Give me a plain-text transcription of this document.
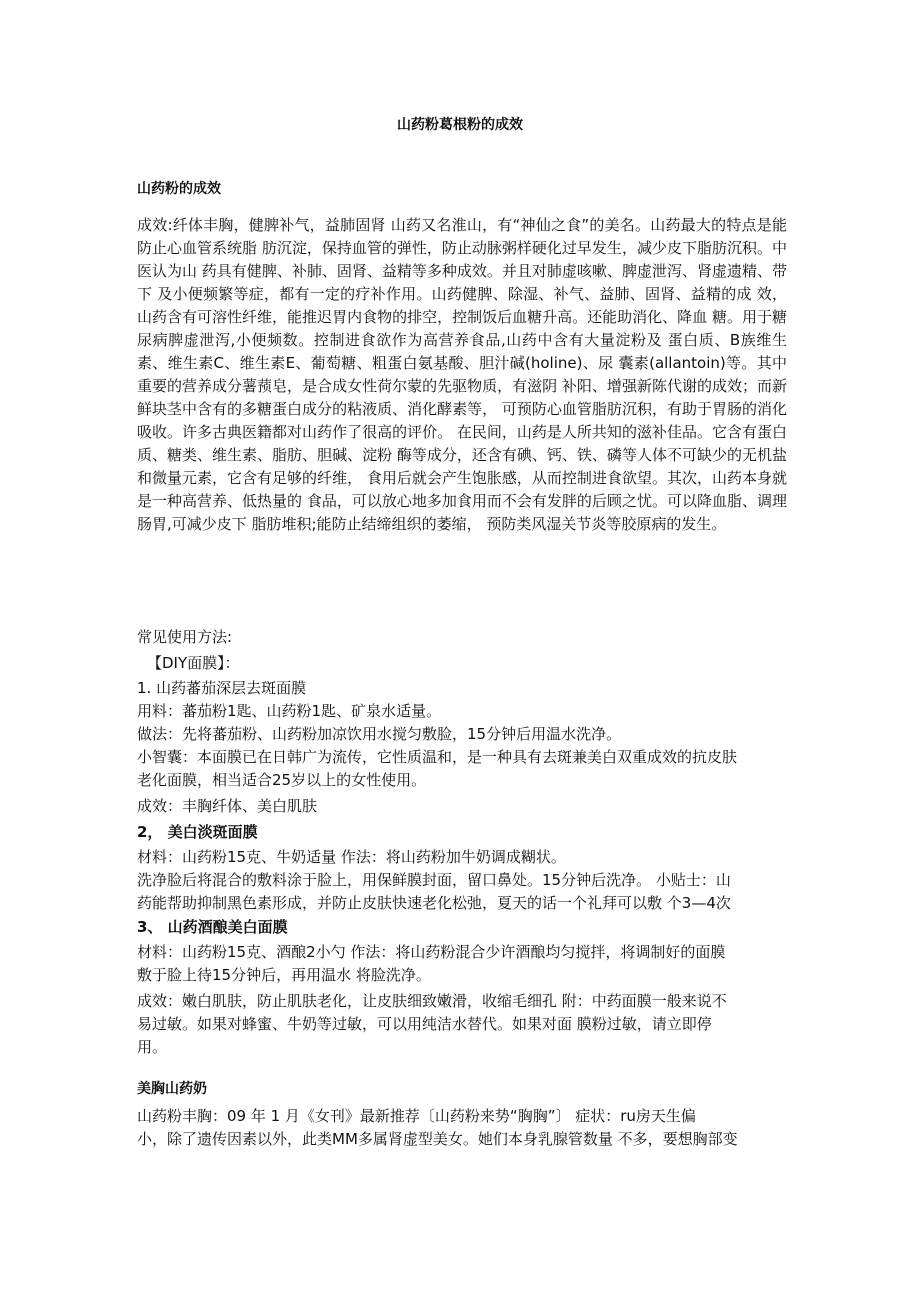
山药粉葛根粉的成效
山药粉的成效

成效:纤体丰胸，健脾补气，益肺固肾 山药又名淮山，有“神仙之食”的美名。山药最大的特点是能防止心血管系统脂 肪沉淀，保持血管的弹性，防止动脉粥样硬化过早发生，减少皮下脂肪沉积。中医认为山 药具有健脾、补肺、固肾、益精等多种成效。并且对肺虚咳嗽、脾虚泄泻、肾虚遗精、带下 及小便频繁等症，都有一定的疗补作用。山药健脾、除湿、补气、益肺、固肾、益精的成 效，山药含有可溶性纤维，能推迟胃内食物的排空，控制饭后血糖升高。还能助消化、降血 糖。用于糖尿病脾虚泄泻,小便频数。控制进食欲作为高营养食品,山药中含有大量淀粉及 蛋白质、B族维生素、维生素C、维生素E、葡萄糖、粗蛋白氨基酸、胆汁碱(holine)、尿 囊素(allantoin)等。其中重要的营养成分薯蓣皂，是合成女性荷尔蒙的先驱物质，有滋阴 补阳、增强新陈代谢的成效；而新鲜块茎中含有的多糖蛋白成分的粘液质、消化酵素等， 可预防心血管脂肪沉积，有助于胃肠的消化吸收。许多古典医籍都对山药作了很高的评价。 在民间，山药是人所共知的滋补佳品。它含有蛋白质、糖类、维生素、脂肪、胆碱、淀粉 酶等成分，还含有碘、钙、铁、磷等人体不可缺少的无机盐和微量元素，它含有足够的纤维， 食用后就会产生饱胀感，从而控制进食欲望。其次，山药本身就是一种高营养、低热量的 食品，可以放心地多加食用而不会有发胖的后顾之忧。可以降血脂、调理肠胃,可减少皮下 脂肪堆积;能防止结缔组织的萎缩， 预防类风湿关节炎等胶原病的发生。

常见使用方法:

【DIY面膜】：

1. 山药蕃茄深层去斑面膜

用料：蕃茄粉1匙、山药粉1匙、矿泉水适量。

做法：先将蕃茄粉、山药粉加凉饮用水搅匀敷脸，15分钟后用温水洗净。

小智囊：本面膜已在日韩广为流传，它性质温和，是一种具有去斑兼美白双重成效的抗皮肤

老化面膜，相当适合25岁以上的女性使用。

成效：丰胸纤体、美白肌肤

2， 美白淡斑面膜

材料：山药粉15克、牛奶适量 作法：将山药粉加牛奶调成糊状。

洗净脸后将混合的敷料涂于脸上，用保鲜膜封面，留口鼻处。15分钟后洗净。 小贴士：山

药能帮助抑制黑色素形成，并防止皮肤快速老化松弛，夏天的话一个礼拜可以敷 个3—4次

3、 山药酒酿美白面膜

材料：山药粉15克、酒酿2小勺 作法：将山药粉混合少许酒酿均匀搅拌，将调制好的面膜

敷于脸上待15分钟后，再用温水 将脸洗净。

成效：嫩白肌肤，防止肌肤老化，让皮肤细致嫩滑，收缩毛细孔 附：中药面膜一般来说不

易过敏。如果对蜂蜜、牛奶等过敏，可以用纯洁水替代。如果对面 膜粉过敏，请立即停

用。

美胸山药奶

山药粉丰胸：09 年 1 月《女刊》最新推荐〔山药粉来势“胸胸”〕 症状：ru房天生偏

小，除了遗传因素以外，此类MM多属肾虚型美女。她们本身乳腺管数量 不多，要想胸部变
